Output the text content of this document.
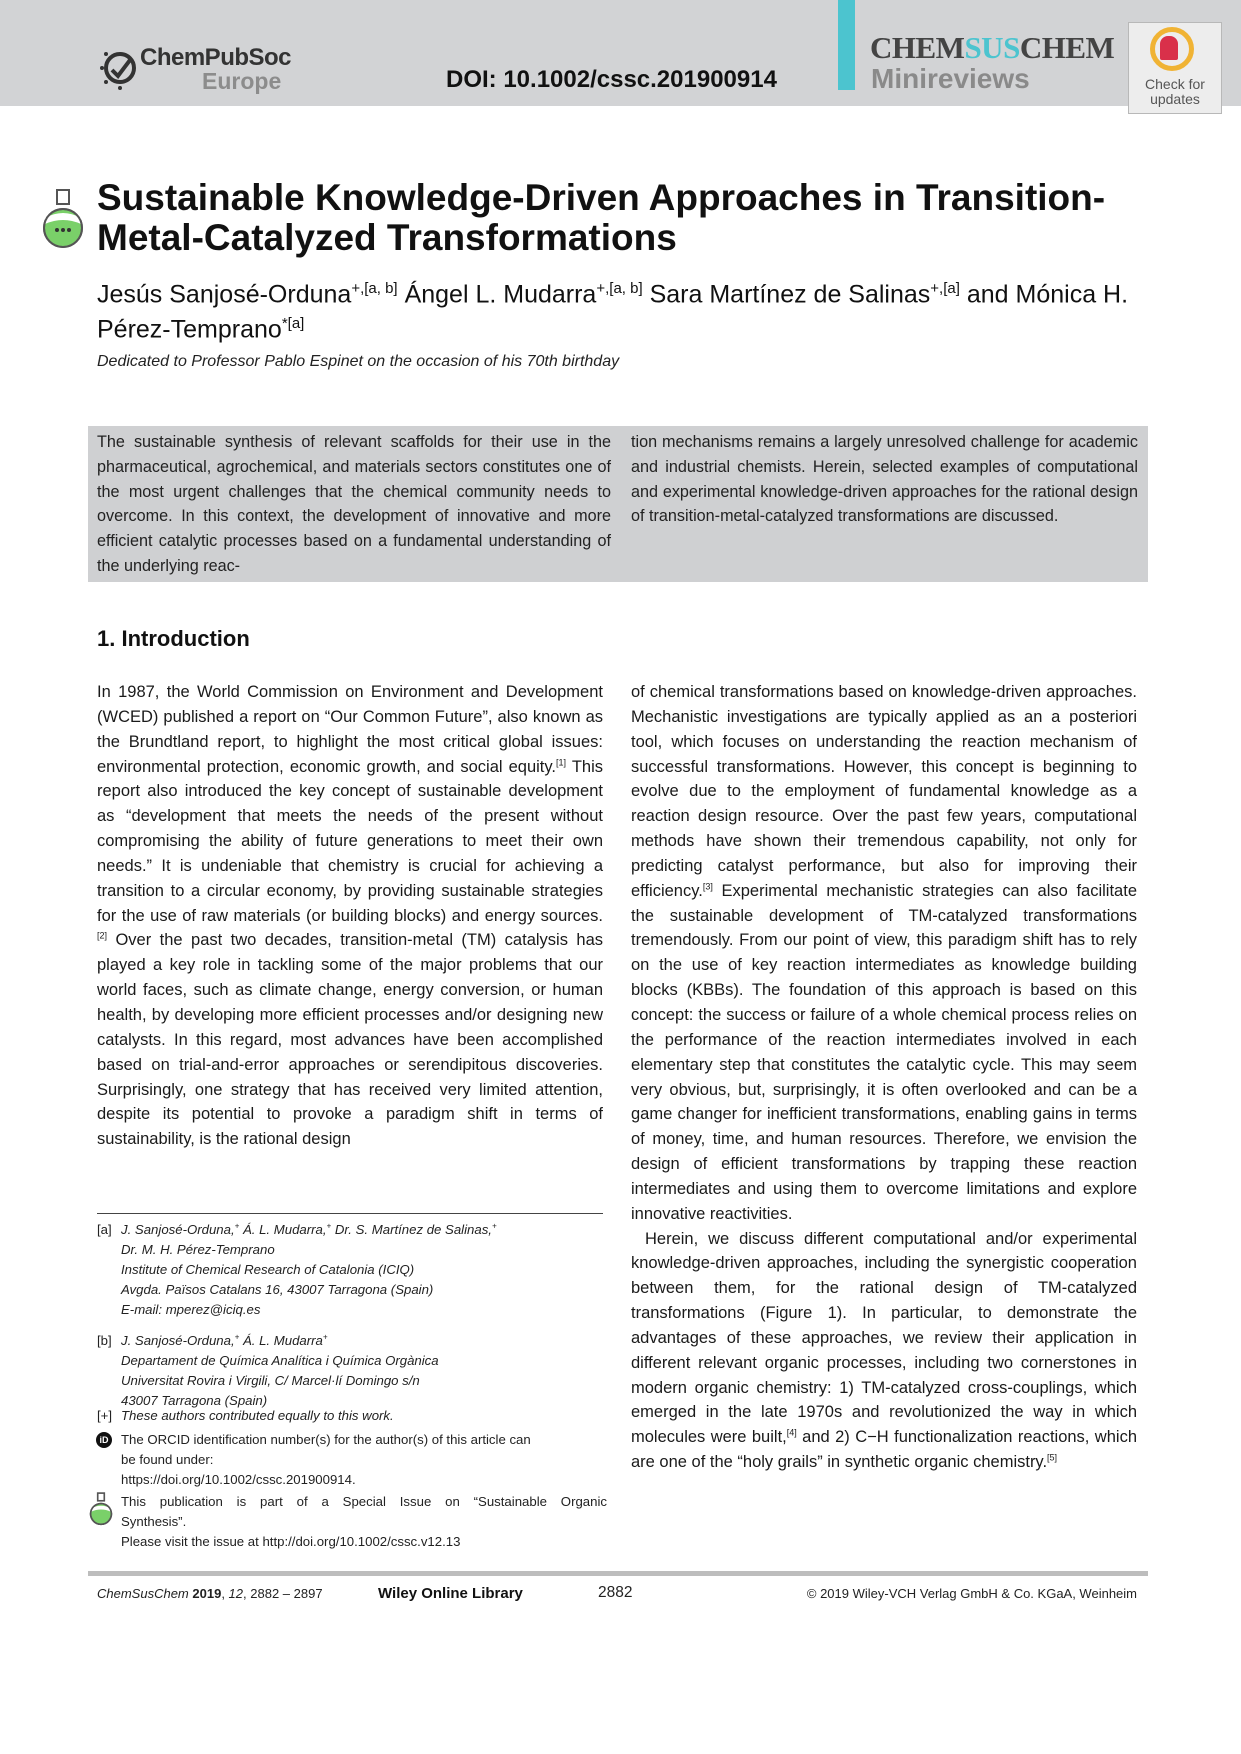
ChemPubSoc
Europe	DOI: 10.1002/cssc.201900914
CHEMSUSCHEM
Minireviews	Check for updates
Sustainable Knowledge-Driven Approaches in Transition-Metal-Catalyzed Transformations
Jesús Sanjosé-Orduna$^{+,[a, b]}$ Ángel L. Mudarra$^{+,[a, b]}$ Sara Martínez de Salinas$^{+,[a]}$ and Mónica H. Pérez-Temprano$^{*[a]}$
Dedicated to Professor Pablo Espinet on the occasion of his 70th birthday
The sustainable synthesis of relevant scaffolds for their use in the pharmaceutical, agrochemical, and materials sectors constitutes one of the most urgent challenges that the chemical community needs to overcome. In this context, the development of innovative and more efficient catalytic processes based on a fundamental understanding of the underlying reac-
tion mechanisms remains a largely unresolved challenge for academic and industrial chemists. Herein, selected examples of computational and experimental knowledge-driven approaches for the rational design of transition-metal-catalyzed transformations are discussed.
1. Introduction

In 1987, the World Commission on Environment and Development (WCED) published a report on “Our Common Future”, also known as the Brundtland report, to highlight the most critical global issues: environmental protection, economic growth, and social equity.[1] This report also introduced the key concept of sustainable development as “development that meets the needs of the present without compromising the ability of future generations to meet their own needs.” It is undeniable that chemistry is crucial for achieving a transition to a circular economy, by providing sustainable strategies for the use of raw materials (or building blocks) and energy sources.[2] Over the past two decades, transition-metal (TM) catalysis has played a key role in tackling some of the major problems that our world faces, such as climate change, energy conversion, or human health, by developing more efficient processes and/or designing new catalysts. In this regard, most advances have been accomplished based on trial-and-error approaches or serendipitous discoveries. Surprisingly, one strategy that has received very limited attention, despite its potential to provoke a paradigm shift in terms of sustainability, is the rational design

of chemical transformations based on knowledge-driven approaches. Mechanistic investigations are typically applied as an a posteriori tool, which focuses on understanding the reaction mechanism of successful transformations. However, this concept is beginning to evolve due to the employment of fundamental knowledge as a reaction design resource. Over the past few years, computational methods have shown their tremendous capability, not only for predicting catalyst performance, but also for improving their efficiency.[3] Experimental mechanistic strategies can also facilitate the sustainable development of TM-catalyzed transformations tremendously. From our point of view, this paradigm shift has to rely on the use of key reaction intermediates as knowledge building blocks (KBBs). The foundation of this approach is based on this concept: the success or failure of a whole chemical process relies on the performance of the reaction intermediates involved in each elementary step that constitutes the catalytic cycle. This may seem very obvious, but, surprisingly, it is often overlooked and can be a game changer for inefficient transformations, enabling gains in terms of money, time, and human resources. Therefore, we envision the design of efficient transformations by trapping these reaction intermediates and using them to overcome limitations and explore innovative reactivities.

Herein, we discuss different computational and/or experimental knowledge-driven approaches, including the synergistic cooperation between them, for the rational design of TM-catalyzed transformations (Figure 1). In particular, to demonstrate the advantages of these approaches, we review their application in different relevant organic processes, including two cornerstones in modern organic chemistry: 1) TM-catalyzed cross-couplings, which emerged in the late 1970s and revolutionized the way in which molecules were built,[4] and 2) C−H functionalization reactions, which are one of the “holy grails” in synthetic organic chemistry.[5]

[a] J. Sanjosé-Orduna,+ Á. L. Mudarra,+ Dr. S. Martínez de Salinas,+
Dr. M. H. Pérez-Temprano
Institute of Chemical Research of Catalonia (ICIQ)
Avgda. Països Catalans 16, 43007 Tarragona (Spain)
E-mail: mperez@iciq.es
[b] J. Sanjosé-Orduna,+ Á. L. Mudarra+
Departament de Química Analítica i Química Orgànica
Universitat Rovira i Virgili, C/ Marcel·lí Domingo s/n
43007 Tarragona (Spain)
[+] These authors contributed equally to this work.
iD The ORCID identification number(s) for the author(s) of this article can
be found under:
https://doi.org/10.1002/cssc.201900914.
This publication is part of a Special Issue on “Sustainable Organic
Synthesis”.
Please visit the issue at http://doi.org/10.1002/cssc.v12.13
ChemSusChem 2019, 12, 2882 – 2897	Wiley Online Library	2882	© 2019 Wiley-VCH Verlag GmbH & Co. KGaA, Weinheim
